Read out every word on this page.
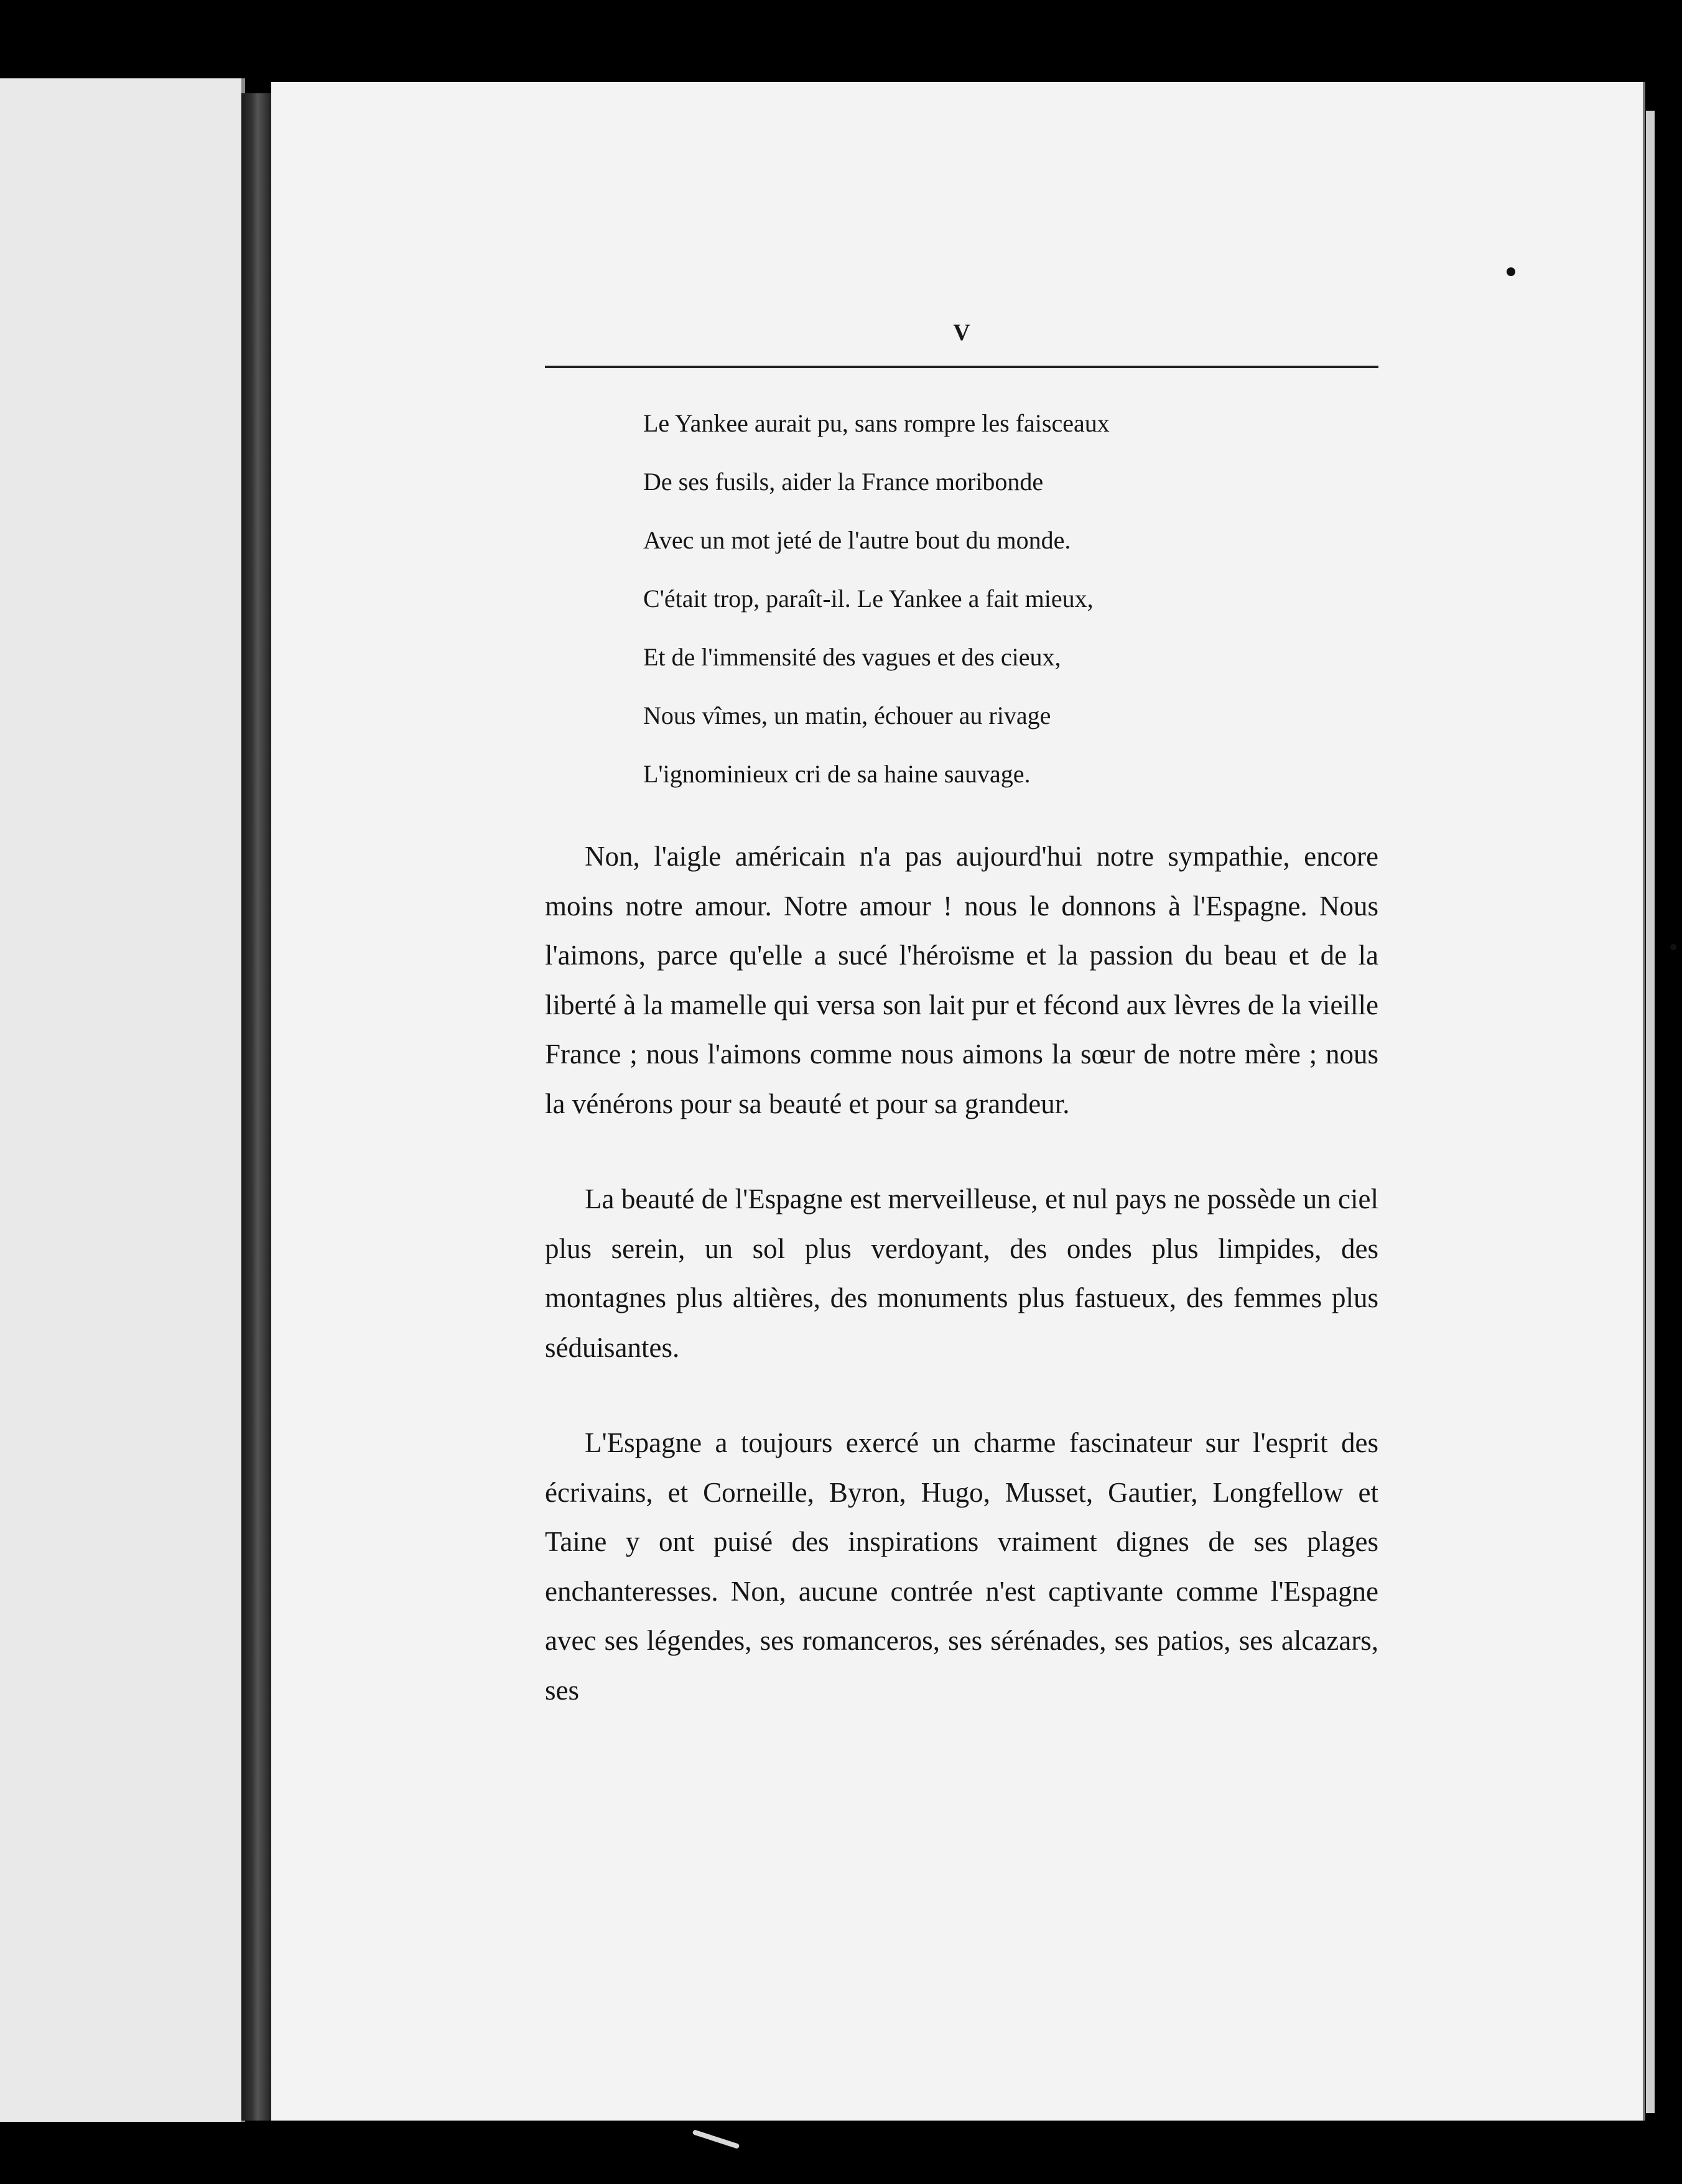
V
Le Yankee aurait pu, sans rompre les faisceaux
De ses fusils, aider la France moribonde
Avec un mot jeté de l'autre bout du monde.
C'était trop, paraît-il. Le Yankee a fait mieux,
Et de l'immensité des vagues et des cieux,
Nous vîmes, un matin, échouer au rivage
L'ignominieux cri de sa haine sauvage.

Non, l'aigle américain n'a pas aujourd'hui notre sympathie, encore moins notre amour. Notre amour ! nous le donnons à l'Espagne. Nous l'aimons, parce qu'elle a sucé l'héroïsme et la passion du beau et de la liberté à la mamelle qui versa son lait pur et fécond aux lèvres de la vieille France ; nous l'aimons comme nous aimons la sœur de notre mère ; nous la vénérons pour sa beauté et pour sa grandeur.

La beauté de l'Espagne est merveilleuse, et nul pays ne possède un ciel plus serein, un sol plus verdoyant, des ondes plus limpides, des montagnes plus altières, des monuments plus fastueux, des femmes plus séduisantes.

L'Espagne a toujours exercé un charme fascinateur sur l'esprit des écrivains, et Corneille, Byron, Hugo, Musset, Gautier, Longfellow et Taine y ont puisé des inspirations vraiment dignes de ses plages enchanteresses. Non, aucune contrée n'est captivante comme l'Espagne avec ses légendes, ses romanceros, ses sérénades, ses patios, ses alcazars, ses
